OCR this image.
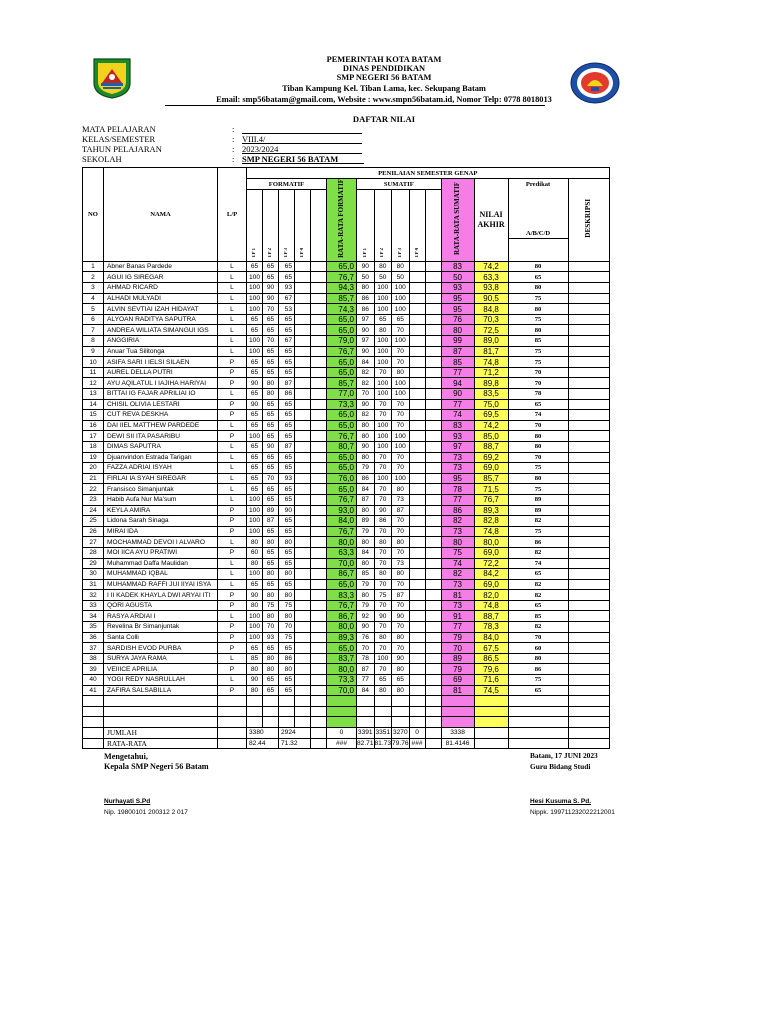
PEMERINTAH KOTA BATAM
DINAS PENDIDIKAN
SMP NEGERI 56 BATAM
Tiban Kampung Kel. Tiban Lama, kec. Sekupang Batam
Email: smp56batam@gmail.com, Website : www.smpn56batam.id, Nomor Telp: 0778 8018013
DAFTAR NILAI
MATA PELAJARAN	:
KELAS/SEMESTER	: VIII.4/
TAHUN PELAJARAN	: 2023/2024
SEKOLAH	: SMP NEGERI 56 BATAM
NO	NAMA	L/P	PENILAIAN SEMESTER GENAP														
			FORMATIF					RATA-RATA FORMATIF	SUMATIF					RATA-RATA SUMATIF	NILAI AKHIR	Predikat	DESKRIPSI
			TP 1	TP 2	TP 3	TP 4			TP 1	TP 2	TP 3	TP 4				A/B/C/D	

1	Abner Banas Pardede	L	65	65	65			65,0	90	80	80			83	74,2	80	
2	AGUI IG SIREGAR	L	100	65	65			76,7	50	50	50			50	63,3	65	
3	AHMAD RICARD	L	100	90	93			94,3	80	100	100			93	93,8	80	
4	ALHADI MULYADI	L	100	90	67			85,7	86	100	100			95	90,5	75	
5	ALVIN SEVTIAI IZAH HIDAYAT	L	100	70	53			74,3	86	100	100			95	84,8	80	
6	ALYOAN RADITYA SAPUTRA	L	65	65	65			65,0	97	65	65			76	70,3	75	
7	ANDREA WILIATA SIMANGUI IGS	L	65	65	65			65,0	90	80	70			80	72,5	80	
8	ANGGIRIA	L	100	70	67			79,0	97	100	100			99	89,0	85	
9	Anuar Tua Silitonga	L	100	65	65			76,7	90	100	70			87	81,7	75	
10	ASIFA SARI I IELSI SILAEN	P	65	65	65			65,0	84	100	70			85	74,8	75	
11	AUREL DELLA PUTRI	P	65	65	65			65,0	82	70	80			77	71,2	70	
12	AYU AQILATUL I IAJIHA HARIYAI	P	90	80	87			85,7	82	100	100			94	89,8	70	
13	BITTAI IG FAJAR APRILIAI IO	L	65	80	86			77,0	70	100	100			90	83,5	78	
14	CHISIL OLIVIA LESTARI	P	90	65	65			73,3	90	70	70			77	75,0	65	
15	CUT REVA DESKHA	P	65	65	65			65,0	82	70	70			74	69,5	74	
16	DAI IIEL MATTHEW PARDEDE	L	65	65	65			65,0	80	100	70			83	74,2	70	
17	DEWI SII ITA PASARIBU	P	100	65	65			76,7	80	100	100			93	85,0	80	
18	DIMAS SAPUTRA	L	65	90	87			80,7	90	100	100			97	88,7	80	
19	Djuanvindon Estrada Tarigan	L	65	65	65			65,0	80	70	70			73	69,2	70	
20	FAZZA ADRIAI ISYAH	L	65	65	65			65,0	79	70	70			73	69,0	75	
21	FIRLAI IA SYAH SIREGAR	L	65	70	93			76,0	86	100	100			95	85,7	80	
22	Fransisco Simanjuntak	L	65	65	65			65,0	84	70	80			78	71,5	75	
23	Habib Aufa Nur Ma'sum	L	100	65	65			76,7	87	70	73			77	76,7	89	
24	KEYLA AMIRA	P	100	89	90			93,0	80	90	87			86	89,3	89	
25	Lidona Sarah Sinaga	P	100	87	65			84,0	89	86	70			82	82,8	82	
26	MIRAI IDA	P	100	65	65			76,7	79	70	70			73	74,8	75	
27	MOCHAMMAD DEVOI I ALVARO	L	80	80	80			80,0	80	80	80			80	80,0	86	
28	MOI IICA AYU PRATIWI	P	60	65	65			63,3	84	70	70			75	69,0	82	
29	Muhammad Daffa Maulidan	L	80	65	65			70,0	80	70	73			74	72,2	74	
30	MUHAMMAD IQBAL	L	100	80	80			86,7	85	80	80			82	84,2	65	
31	MUHAMMAD RAFFI JUI IIYAI ISYA	L	65	65	65			65,0	79	70	70			73	69,0	82	
32	I II KADEK KHAYLA DWI ARYAI ITI	P	90	80	80			83,3	80	75	87			81	82,0	82	
33	QORI AGUSTA	P	80	75	75			76,7	79	70	70			73	74,8	65	
34	RASYA ARDIAI I	L	100	80	80			86,7	92	90	90			91	88,7	85	
35	Revelina Br Simanjuntak	P	100	70	70			80,0	90	70	70			77	78,3	82	
36	Santa Colli	P	100	93	75			89,3	76	80	80			79	84,0	70	
37	SARDISH EVOD PURBA	P	65	65	65			65,0	70	70	70			70	67,5	60	
38	SURYA JAYA RAMA	L	85	80	86			83,7	78	100	90			89	86,5	80	
39	VEIIICE APRILIA	P	80	80	80			80,0	87	70	80			79	79,6	86	
40	YOGI REDY NASRULLAH	L	90	65	65			73,3	77	65	65			69	71,6	75	
41	ZAFIRA SALSABILLA	P	80	65	65			70,0	84	80	80			81	74,5	65	

	JUMLAH		3380		2924			0	3391	3351	3270	0		3338			
	RATA-RATA		82.44		71.32			###	82.71	81.73	79.76	###		81.4146			
Mengetahui,
Kepala SMP Negeri 56 Batam
Batam, 17 JUNI 2023
Guru Bidang Studi
Nurhayati S.Pd
Nip. 19800101 200312 2 017
Hesi Kusuma S. Pd.
Nippk. 199711232022212001
